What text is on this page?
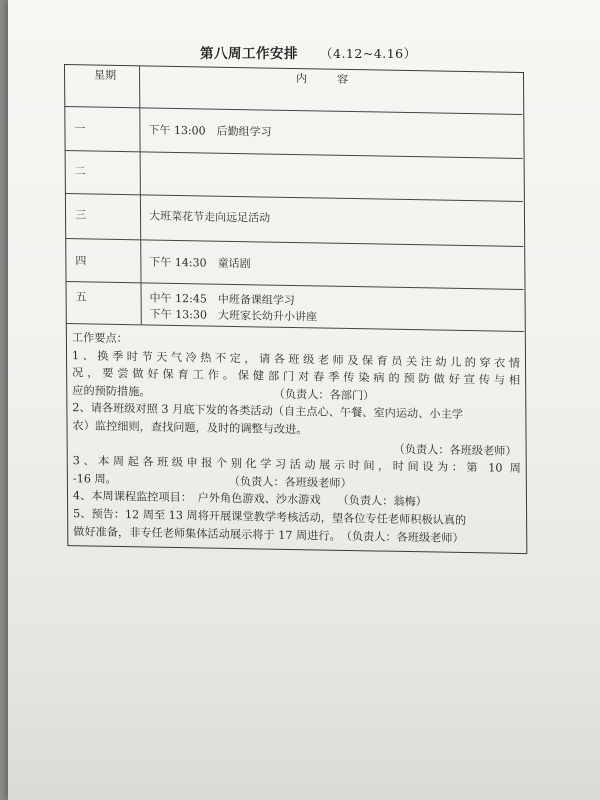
第八周工作安排 （4.12~4.16）
星期	内容
一	下午 13:00　后勤组学习
二
三	大班菜花节走向远足活动
四	下午 14:30　童话剧
五	中午 12:45　中班备课组学习
下午 13:30　大班家长幼升小讲座
工作要点：
1、换季时节天气冷热不定，请各班级老师及保育员关注幼儿的穿衣情
况，要尝做好保育工作。保健部门对春季传染病的预防做好宣传与相
应的预防措施。　　　　　　　　　　　　（负责人：各部门）
2、请各班级对照 3 月底下发的各类活动（自主点心、午餐、室内运动、小主学
农）监控细则，查找问题，及时的调整与改进。
（负责人：各班级老师）
3、本周起各班级申报个别化学习活动展示时间，时间设为：第 10 周
-16 周。　　　　　　　　　　　（负责人：各班级老师）
4、本周课程监控项目：　户外角色游戏、沙水游戏　　（负责人：翁梅）
5、预告：12 周至 13 周将开展课堂教学考核活动，望各位专任老师积极认真的
做好准备，非专任老师集体活动展示将于 17 周进行。　（负责人：各班级老师）
